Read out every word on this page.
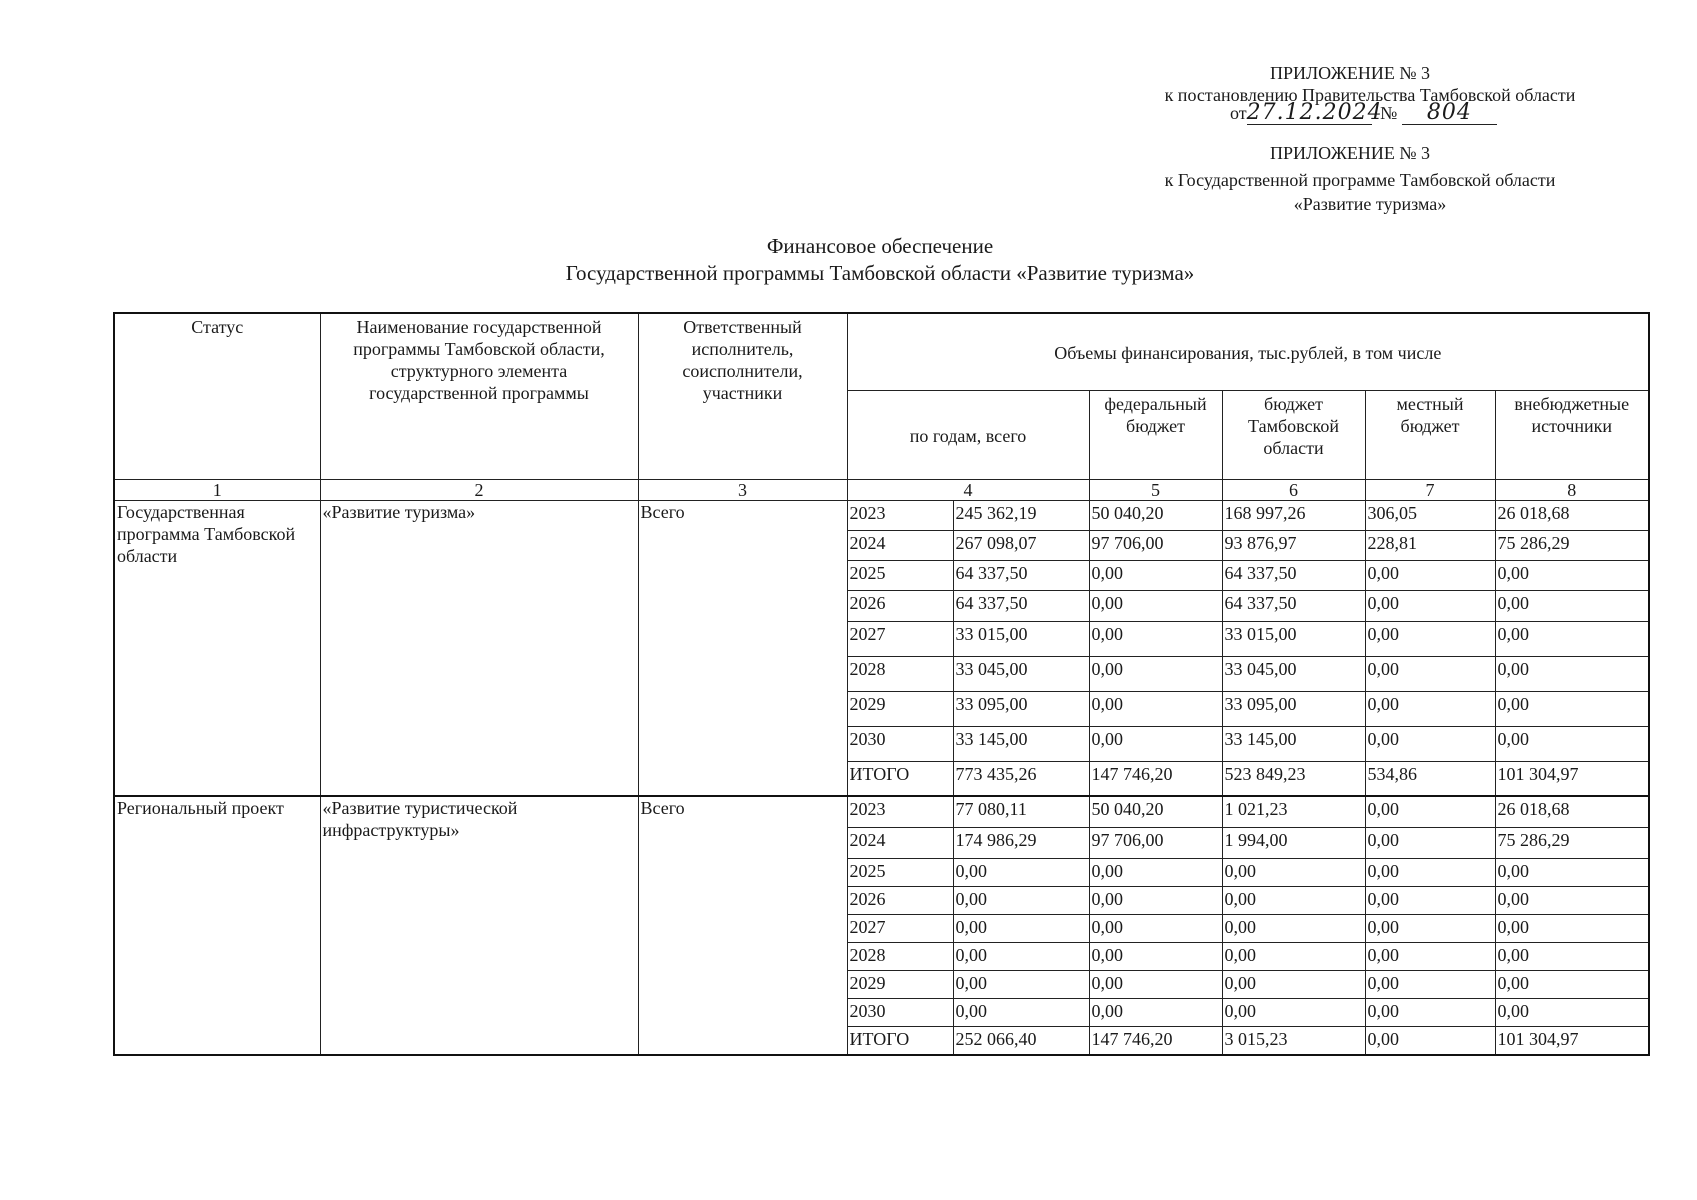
ПРИЛОЖЕНИЕ № 3
к постановлению Правительства Тамбовской области
от27.12.2024 № 804
ПРИЛОЖЕНИЕ № 3
к Государственной программе Тамбовской области
«Развитие туризма»
Финансовое обеспечение
Государственной программы Тамбовской области «Развитие туризма»
Статус	Наименование государственной программы Тамбовской области, структурного элемента государственной программы	Ответственный исполнитель, соисполнители, участники	Объемы финансирования, тыс.рублей, в том числе					
			по годам, всего		федеральный бюджет	бюджет Тамбовской области	местный бюджет	внебюджетные источники
1	2	3	4		5	6	7	8
Государственная программа Тамбовской области	«Развитие туризма»	Всего	2023	245 362,19	50 040,20	168 997,26	306,05	26 018,68
			2024	267 098,07	97 706,00	93 876,97	228,81	75 286,29
			2025	64 337,50	0,00	64 337,50	0,00	0,00
			2026	64 337,50	0,00	64 337,50	0,00	0,00
			2027	33 015,00	0,00	33 015,00	0,00	0,00
			2028	33 045,00	0,00	33 045,00	0,00	0,00
			2029	33 095,00	0,00	33 095,00	0,00	0,00
			2030	33 145,00	0,00	33 145,00	0,00	0,00
			ИТОГО	773 435,26	147 746,20	523 849,23	534,86	101 304,97
Региональный проект	«Развитие туристической инфраструктуры»	Всего	2023	77 080,11	50 040,20	1 021,23	0,00	26 018,68
			2024	174 986,29	97 706,00	1 994,00	0,00	75 286,29
			2025	0,00	0,00	0,00	0,00	0,00
			2026	0,00	0,00	0,00	0,00	0,00
			2027	0,00	0,00	0,00	0,00	0,00
			2028	0,00	0,00	0,00	0,00	0,00
			2029	0,00	0,00	0,00	0,00	0,00
			2030	0,00	0,00	0,00	0,00	0,00
			ИТОГО	252 066,40	147 746,20	3 015,23	0,00	101 304,97
